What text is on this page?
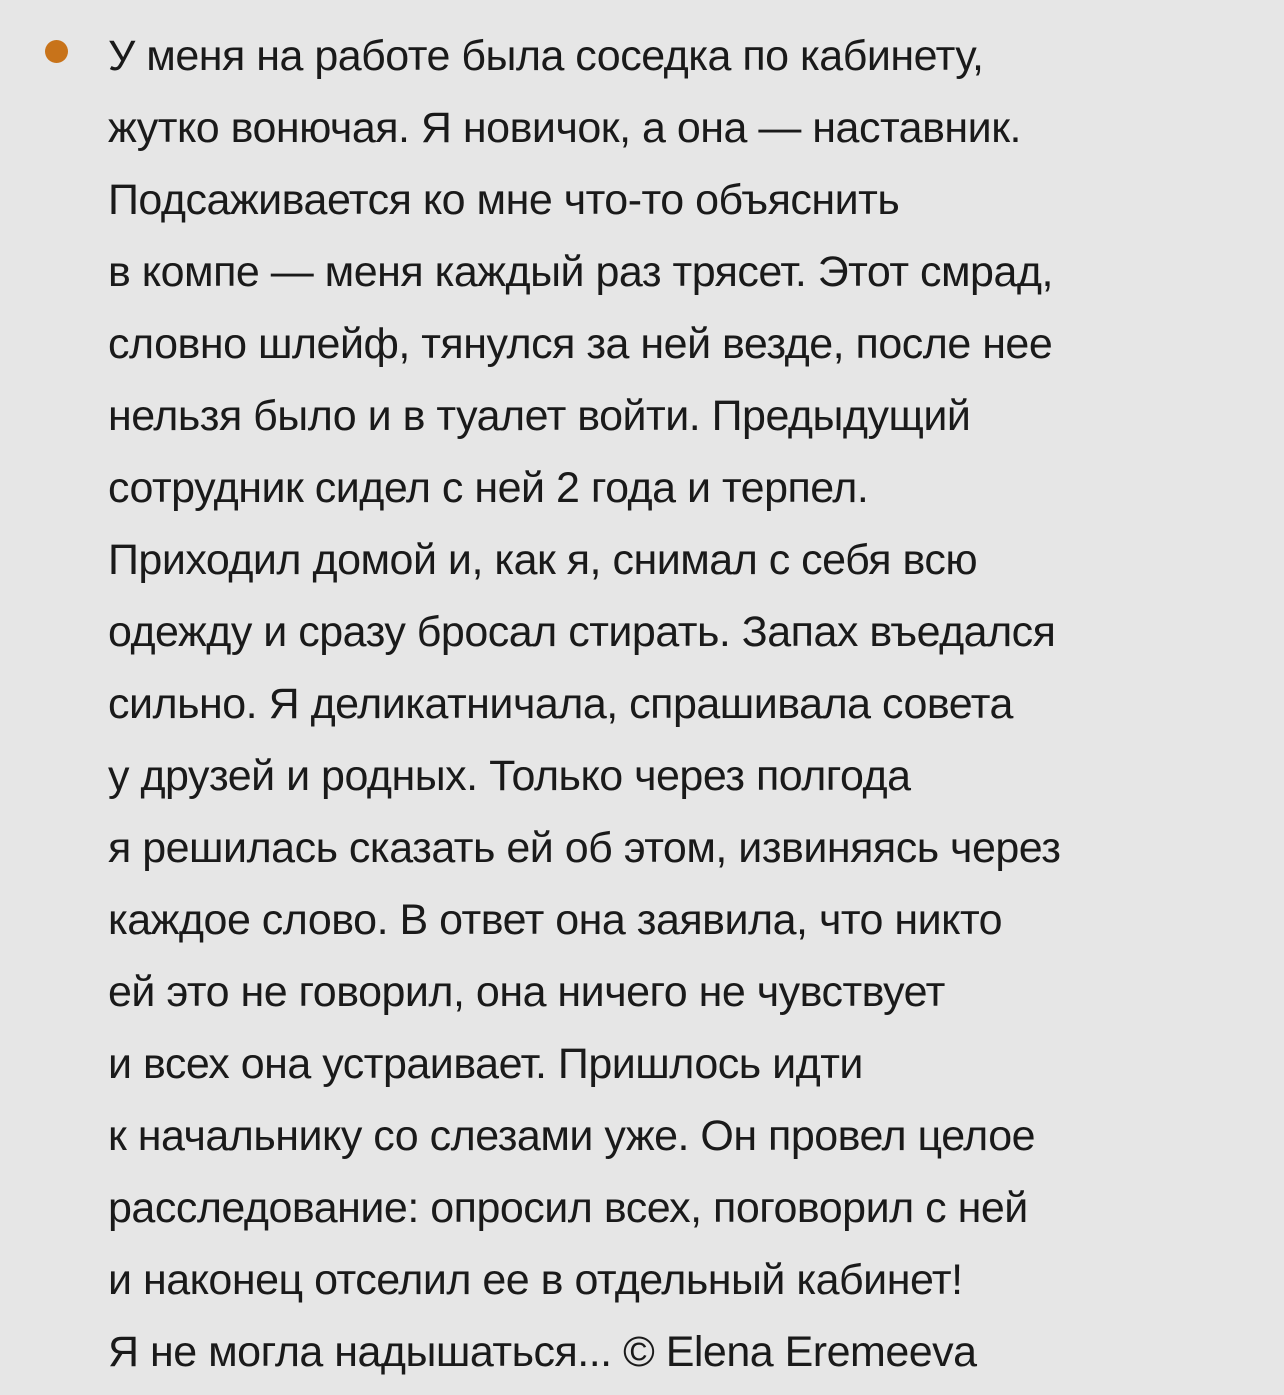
У меня на работе была соседка по кабинету,
жутко вонючая. Я новичок, а она — наставник.
Подсаживается ко мне что-то объяснить
в компе — меня каждый раз трясет. Этот смрад,
словно шлейф, тянулся за ней везде, после нее
нельзя было и в туалет войти. Предыдущий
сотрудник сидел с ней 2 года и терпел.
Приходил домой и, как я, снимал с себя всю
одежду и сразу бросал стирать. Запах въедался
сильно. Я деликатничала, спрашивала совета
у друзей и родных. Только через полгода
я решилась сказать ей об этом, извиняясь через
каждое слово. В ответ она заявила, что никто
ей это не говорил, она ничего не чувствует
и всех она устраивает. Пришлось идти
к начальнику со слезами уже. Он провел целое
расследование: опросил всех, поговорил с ней
и наконец отселил ее в отдельный кабинет!
Я не могла надышаться... © Elena Eremeeva
